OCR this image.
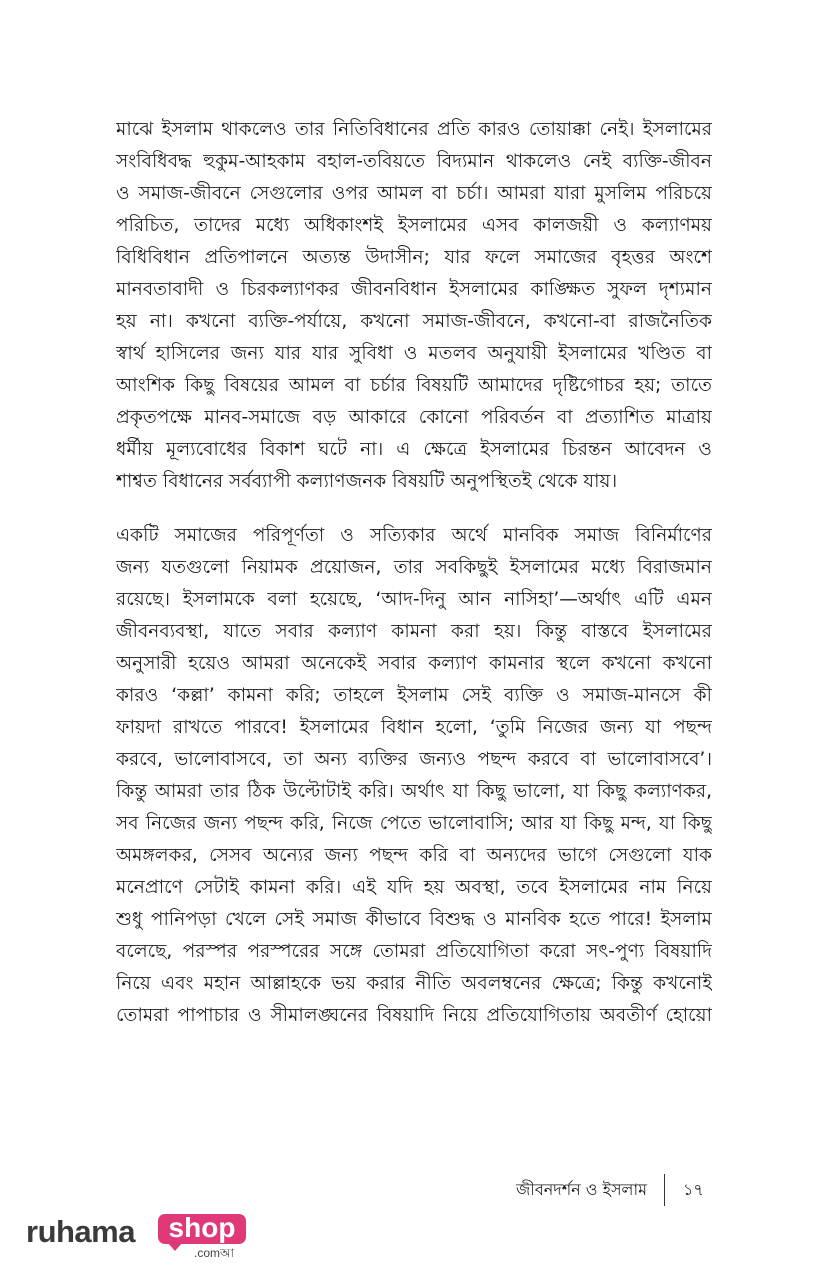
মাঝে ইসলাম থাকলেও তার নিতিবিধানের প্রতি কারও তোয়াক্কা নেই। ইসলামের
সংবিধিবদ্ধ হুকুম-আহকাম বহাল-তবিয়তে বিদ্যমান থাকলেও নেই ব্যক্তি-জীবন
ও সমাজ-জীবনে সেগুলোর ওপর আমল বা চর্চা। আমরা যারা মুসলিম পরিচয়ে
পরিচিত, তাদের মধ্যে অধিকাংশই ইসলামের এসব কালজয়ী ও কল্যাণময়
বিধিবিধান প্রতিপালনে অত্যন্ত উদাসীন; যার ফলে সমাজের বৃহত্তর অংশে
মানবতাবাদী ও চিরকল্যাণকর জীবনবিধান ইসলামের কাঙ্ক্ষিত সুফল দৃশ্যমান
হয় না। কখনো ব্যক্তি-পর্যায়ে, কখনো সমাজ-জীবনে, কখনো-বা রাজনৈতিক
স্বার্থ হাসিলের জন্য যার যার সুবিধা ও মতলব অনুযায়ী ইসলামের খণ্ডিত বা
আংশিক কিছু বিষয়ের আমল বা চর্চার বিষয়টি আমাদের দৃষ্টিগোচর হয়; তাতে
প্রকৃতপক্ষে মানব-সমাজে বড় আকারে কোনো পরিবর্তন বা প্রত্যাশিত মাত্রায়
ধর্মীয় মূল্যবোধের বিকাশ ঘটে না। এ ক্ষেত্রে ইসলামের চিরন্তন আবেদন ও
শাশ্বত বিধানের সর্বব্যাপী কল্যাণজনক বিষয়টি অনুপস্থিতই থেকে যায়।

একটি সমাজের পরিপূর্ণতা ও সত্যিকার অর্থে মানবিক সমাজ বিনির্মাণের
জন্য যতগুলো নিয়ামক প্রয়োজন, তার সবকিছুই ইসলামের মধ্যে বিরাজমান
রয়েছে। ইসলামকে বলা হয়েছে, ‘আদ-দিনু আন নাসিহা’—অর্থাৎ এটি এমন
জীবনব্যবস্থা, যাতে সবার কল্যাণ কামনা করা হয়। কিন্তু বাস্তবে ইসলামের
অনুসারী হয়েও আমরা অনেকেই সবার কল্যাণ কামনার স্থলে কখনো কখনো
কারও ‘কল্লা’ কামনা করি; তাহলে ইসলাম সেই ব্যক্তি ও সমাজ-মানসে কী
ফায়দা রাখতে পারবে! ইসলামের বিধান হলো, ‘তুমি নিজের জন্য যা পছন্দ
করবে, ভালোবাসবে, তা অন্য ব্যক্তির জন্যও পছন্দ করবে বা ভালোবাসবে’।
কিন্তু আমরা তার ঠিক উল্টোটাই করি। অর্থাৎ যা কিছু ভালো, যা কিছু কল্যাণকর,
সব নিজের জন্য পছন্দ করি, নিজে পেতে ভালোবাসি; আর যা কিছু মন্দ, যা কিছু
অমঙ্গলকর, সেসব অন্যের জন্য পছন্দ করি বা অন্যদের ভাগে সেগুলো যাক
মনেপ্রাণে সেটাই কামনা করি। এই যদি হয় অবস্থা, তবে ইসলামের নাম নিয়ে
শুধু পানিপড়া খেলে সেই সমাজ কীভাবে বিশুদ্ধ ও মানবিক হতে পারে! ইসলাম
বলেছে, পরস্পর পরস্পরের সঙ্গে তোমরা প্রতিযোগিতা করো সৎ-পুণ্য বিষয়াদি
নিয়ে এবং মহান আল্লাহকে ভয় করার নীতি অবলম্বনের ক্ষেত্রে; কিন্তু কখনোই
তোমরা পাপাচার ও সীমালঙ্ঘনের বিষয়াদি নিয়ে প্রতিযোগিতায় অবতীর্ণ হোয়ো

জীবনদর্শন ও ইসলাম ১৭
ruhama	shop
.comআ
